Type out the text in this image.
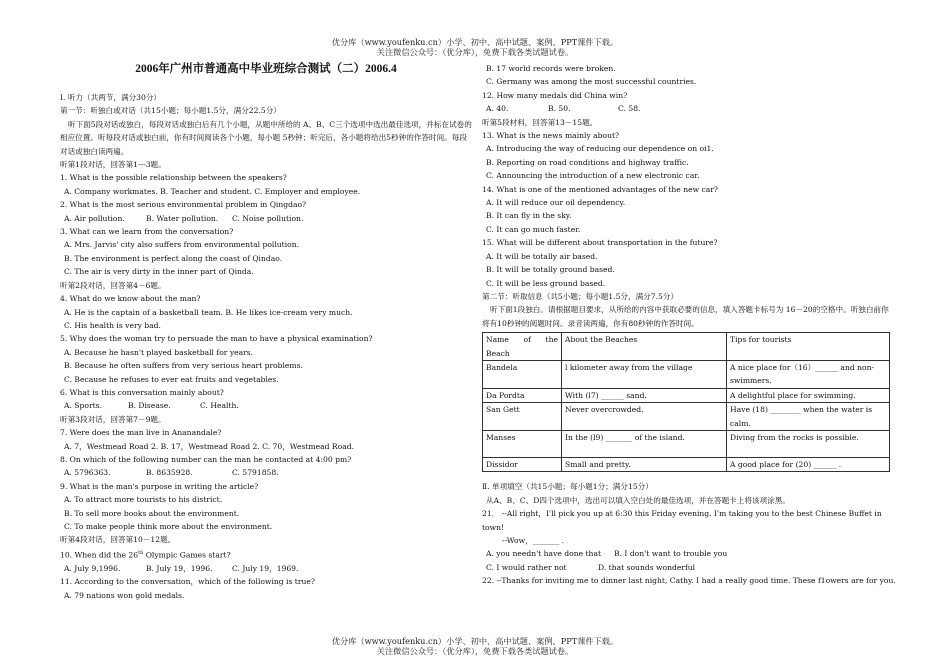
优分库（www.youfenku.cn）小学、初中、高中试题、案例、PPT课件下载。
关注微信公众号：（优分库），免费下载各类试题试卷。
2006年广州市普通高中毕业班综合测试（二）2006.4
I. 听力（共两节，满分30分）
第一节：听独白或对话（共15小题；每小题1.5分，满分22.5分）
听下面5段对话或独白，每段对话或独白后有几个小题，从题中所给的 A、B、C三个选项中选出最佳选项，并标在试卷的相应位置。听每段对话或独白前，你有时间阅读各个小题，每小题 5秒钟；听完后，各小题将给出5秒钟的作答时间。每段对话或独白读两遍。
听第1段对话，回答第1---3题。
1. What is the possible relationship between the speakers?
A. Company workmates. B. Teacher and student. C. Employer and employee.
2. What is the most serious environmental problem in Qingdao?
A. Air pollution.	B. Water pollution.	C. Noise pollution.
3. What can we learn from the conversation?
A. Mrs. Jarvis' city also suffers from environmental pollution.
B. The environment is perfect along the coast of Qindao.
C. The air is very dirty in the inner part of Qinda.
听第2段对话，回答第4－6题。
4. What do we know about the man?
A. He is the captain of a basketball team. B. He likes ice-cream very much.
C. His health is very bad.
5. Why does the woman try to persuade the man to have a physical examination?
A. Because he hasn't played basketball for years.
B. Because he often suffers from very serious heart problems.
C. Because he refuses to ever eat fruits and vegetables.
6. What is this conversation mainly about?
A. Sports.	B. Disease.	C. Health.
听第3段对话，回答第7－9题。
7. Were does the man live in Ananandale?
A. 7，Westmead Road 2. B. 17，Westmead Road 2. C. 70，Westmead Road.
8. On which of the following number can the man he contacted at 4:00 pm?
A. 5796363.	B. 8635928.	C. 5791858.
9. What is the man's purpose in writing the article?
A. To attract more tourists to his district.
B. To sell more books about the environment.
C. To make people think more about the environment.
听第4段对话，回答第10－12题。
10. When did the 26th Olympic Games start?
A. July 9,1996.	B. July 19，1996.	C. July 19，1969.
11. According to the conversation，which of the following is true?
A. 79 nations won gold medals.
B. 17 world records were broken.
C. Germany was among the most successful countries.
12. How many medals did China win?
A. 40.	B. 50.	C. 58.
听第5段材料，回答第13－15题。
13. What is the news mainly about?
A. Introducing the way of reducing our dependence on oi1.
B. Reporting on road conditions and highway traffic.
C. Announcing the introduction of a new electronic car.
14. What is one of the mentioned advantages of the new car?
A. It will reduce our oil dependency.
B. It can fly in the sky.
C. It can go much faster.
15. What will be different about transportation in the future?
A. It will be totally air based.
B. It will be totally ground based.
C. It will be less ground based.
第二节：听取信息（共5小题；每小题1.5分，满分7.5分）
听下面1段独白。请根据题目要求，从所给的内容中获取必要的信息，填入答题卡标号为 16－20的空格中。听独白前你将有10秒钟的阅题时间。录音读两遍，你有80秒钟的作答时间。
Name of the Beach	About the Beaches	Tips for tourists
Bandela	l kilometer away from the village	A nice place for（16）______ and non-swimmers.
Da Pordta	With (l7) ______ sand.	A delightful place for swimming.
San Gett	Never overcrowded.	Have (18) ________ when the water is calm.
Manses	In the (l9) _______ of the island.	Diving from the rocks is possible.
Dissidor	Small and pretty.	A good place for (20) ______ .
Ⅱ. 单项填空（共15小题；每小题1分；满分15分）
从A、B、C、D四个选项中，选出可以填入空白处的最佳选项，并在答题卡上将该项涂黑。
21． --All right，I'll pick you up at 6:30 this Friday evening. I'm taking you to the best Chinese Buffet in town!
--Wow，_______ .
A. you needn't have done that	B. I don't want to trouble you
C. I would rather not	D. that sounds wonderful
22. --Thanks for inviting me to dinner last night, Cathy. I had a really good time. These f1owers are for you.
优分库（www.youfenku.cn）小学、初中、高中试题、案例、PPT课件下载。
关注微信公众号：（优分库），免费下载各类试题试卷。
